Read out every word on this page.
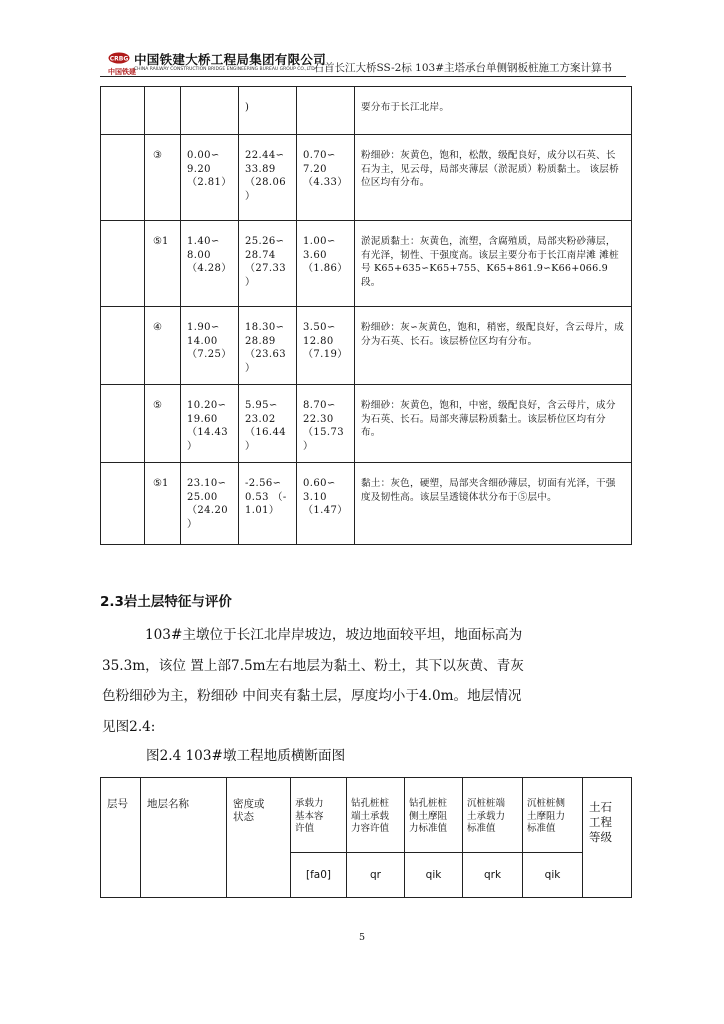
CRBG
中国铁建
中国铁建大桥工程局集团有限公司
CHINA RAILWAY CONSTRUCTION BRIDGE ENGINEERING BUREAU GROUP CO.,LTD
石首长江大桥SS-2标 103#主塔承台单侧钢板桩施工方案计算书

			)		要分布于长江北岸。

	③	0.00∽
9.20
（2.81）	22.44∽
33.89
（28.06
）	0.70∽
7.20
（4.33）	粉细砂：灰黄色，饱和，松散，级配良好，成分以石英、长石为主，见云母，局部夹薄层（淤泥质）粉质黏土。 该层桥位区均有分布。

	⑤1	1.40∽
8.00
（4.28）	25.26∽
28.74
（27.33
）	1.00∽
3.60
（1.86）	淤泥质黏土：灰黄色，流塑，含腐殖质，局部夹粉砂薄层，有光泽，韧性、干强度高。该层主要分布于长江南岸滩 滩桩号 K65+635∽K65+755、K65+861.9∽K66+066.9段。

	④	1.90∽
14.00
（7.25）	18.30∽
28.89
（23.63
）	3.50∽
12.80
（7.19）	粉细砂：灰∽灰黄色，饱和，稍密，级配良好，含云母片，成分为石英、长石。该层桥位区均有分布。

	⑤	10.20∽
19.60
（14.43
）	5.95∽
23.02
（16.44
）	8.70∽
22.30
（15.73
）	粉细砂：灰黄色，饱和，中密，级配良好，含云母片，成分为石英、长石。局部夹薄层粉质黏土。该层桥位区均有分布。

	⑤1	23.10∽
25.00
（24.20
）	-2.56∽
0.53 （-
1.01）	0.60∽
3.10
（1.47）	黏土：灰色，硬塑，局部夹含细砂薄层，切面有光泽，干强度及韧性高。该层呈透镜体状分布于⑤层中。
2.3岩土层特征与评价
103#主墩位于长江北岸岸坡边，坡边地面较平坦，地面标高为
35.3m，该位 置上部7.5m左右地层为黏土、粉土，其下以灰黄、青灰
色粉细砂为主，粉细砂 中间夹有黏土层，厚度均小于4.0m。地层情况
见图2.4:
图2.4 103#墩工程地质横断面图
层号	地层名称	密度或
状态	承载力
基本容
许值	钻孔桩桩
端土承载
力容许值	钻孔桩桩
侧土摩阻
力标准值	沉桩桩端
土承载力
标准值	沉桩桩侧
土摩阻力
标准值	土石
工程
等级

			[fa0]	qr	qik	qrk	qik	
5
